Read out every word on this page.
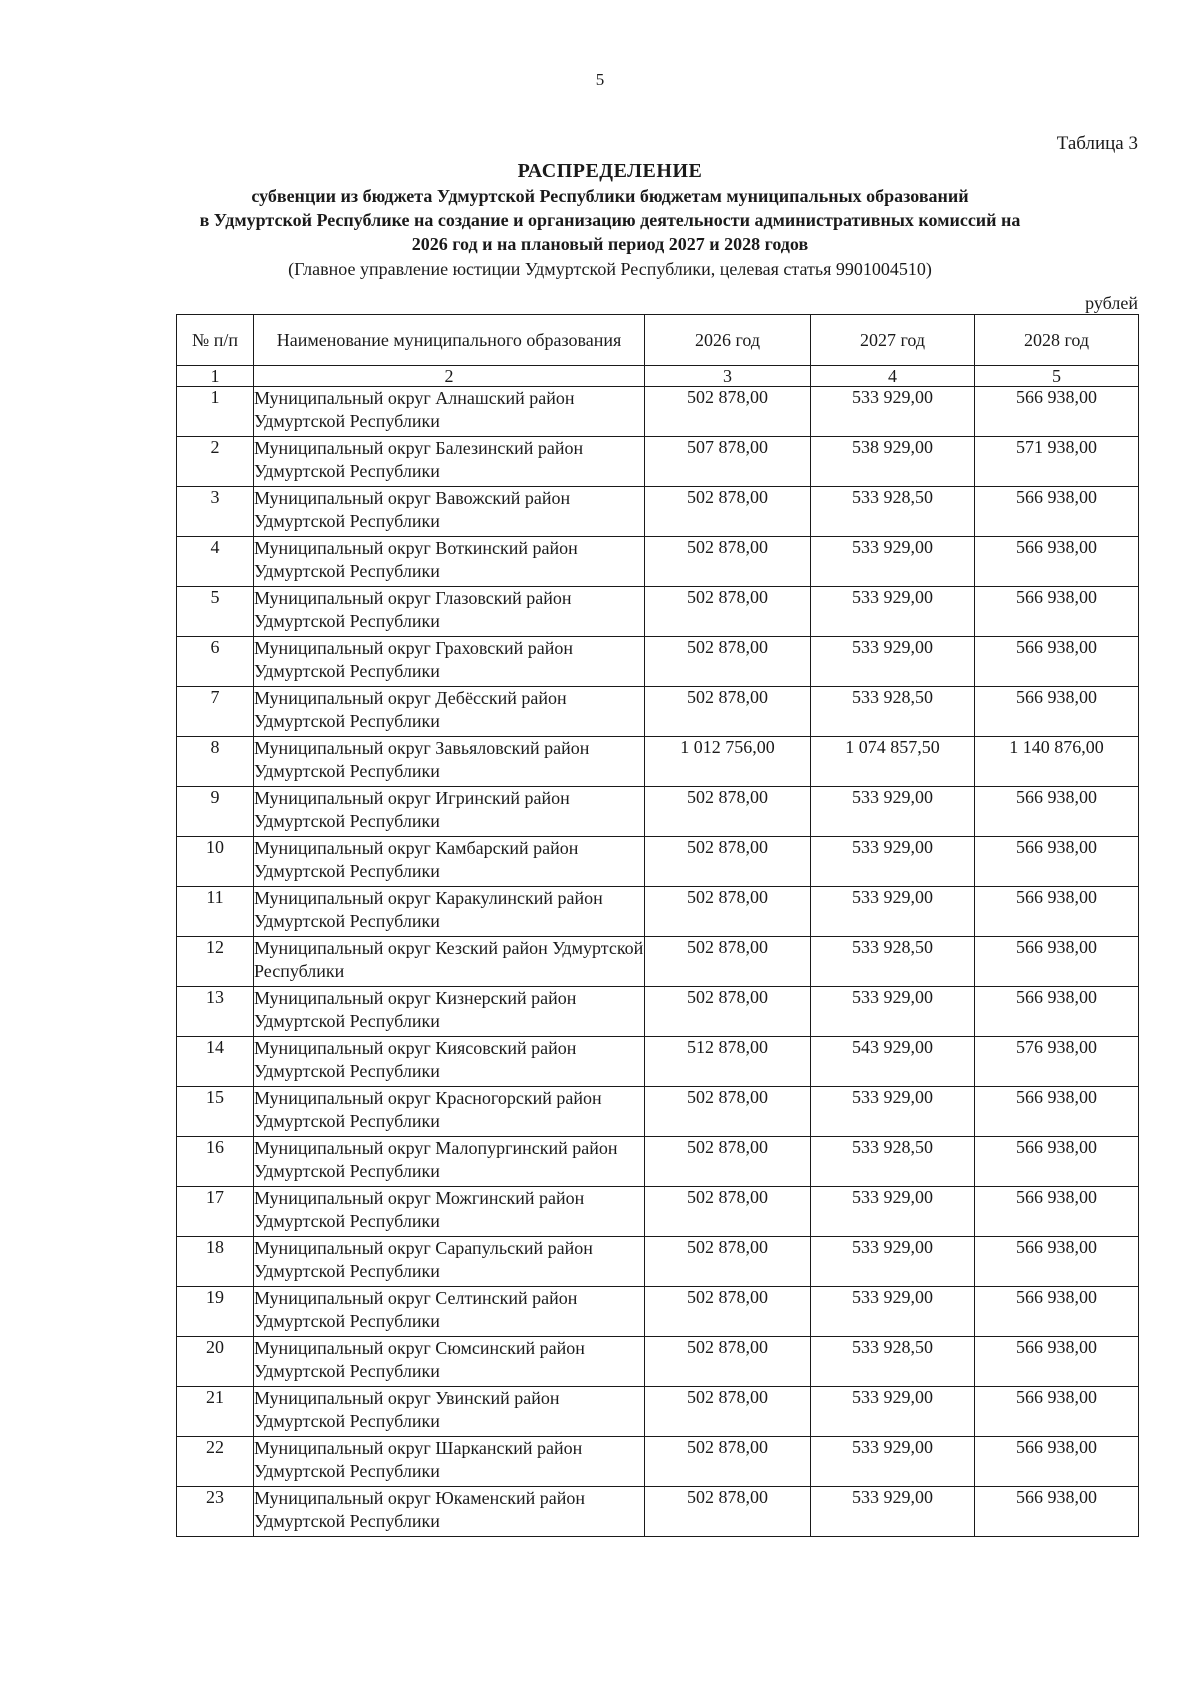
5
Таблица 3
РАСПРЕДЕЛЕНИЕ
субвенции из бюджета Удмуртской Республики бюджетам муниципальных образований
в Удмуртской Республике на создание и организацию деятельности административных комиссий на
2026 год и на плановый период 2027 и 2028 годов
(Главное управление юстиции Удмуртской Республики, целевая статья 9901004510)
рублей
№ п/п	Наименование муниципального образования	2026 год	2027 год	2028 год
1	2	3	4	5
1	Муниципальный округ Алнашский район Удмуртской Республики	502 878,00	533 929,00	566 938,00
2	Муниципальный округ Балезинский район Удмуртской Республики	507 878,00	538 929,00	571 938,00
3	Муниципальный округ Вавожский район Удмуртской Республики	502 878,00	533 928,50	566 938,00
4	Муниципальный округ Воткинский район Удмуртской Республики	502 878,00	533 929,00	566 938,00
5	Муниципальный округ Глазовский район Удмуртской Республики	502 878,00	533 929,00	566 938,00
6	Муниципальный округ Граховский район Удмуртской Республики	502 878,00	533 929,00	566 938,00
7	Муниципальный округ Дебёсский район Удмуртской Республики	502 878,00	533 928,50	566 938,00
8	Муниципальный округ Завьяловский район Удмуртской Республики	1 012 756,00	1 074 857,50	1 140 876,00
9	Муниципальный округ Игринский район Удмуртской Республики	502 878,00	533 929,00	566 938,00
10	Муниципальный округ Камбарский район Удмуртской Республики	502 878,00	533 929,00	566 938,00
11	Муниципальный округ Каракулинский район Удмуртской Республики	502 878,00	533 929,00	566 938,00
12	Муниципальный округ Кезский район Удмуртской Республики	502 878,00	533 928,50	566 938,00
13	Муниципальный округ Кизнерский район Удмуртской Республики	502 878,00	533 929,00	566 938,00
14	Муниципальный округ Киясовский район Удмуртской Республики	512 878,00	543 929,00	576 938,00
15	Муниципальный округ Красногорский район Удмуртской Республики	502 878,00	533 929,00	566 938,00
16	Муниципальный округ Малопургинский район Удмуртской Республики	502 878,00	533 928,50	566 938,00
17	Муниципальный округ Можгинский район Удмуртской Республики	502 878,00	533 929,00	566 938,00
18	Муниципальный округ Сарапульский район Удмуртской Республики	502 878,00	533 929,00	566 938,00
19	Муниципальный округ Селтинский район Удмуртской Республики	502 878,00	533 929,00	566 938,00
20	Муниципальный округ Сюмсинский район Удмуртской Республики	502 878,00	533 928,50	566 938,00
21	Муниципальный округ Увинский район Удмуртской Республики	502 878,00	533 929,00	566 938,00
22	Муниципальный округ Шарканский район Удмуртской Республики	502 878,00	533 929,00	566 938,00
23	Муниципальный округ Юкаменский район Удмуртской Республики	502 878,00	533 929,00	566 938,00
